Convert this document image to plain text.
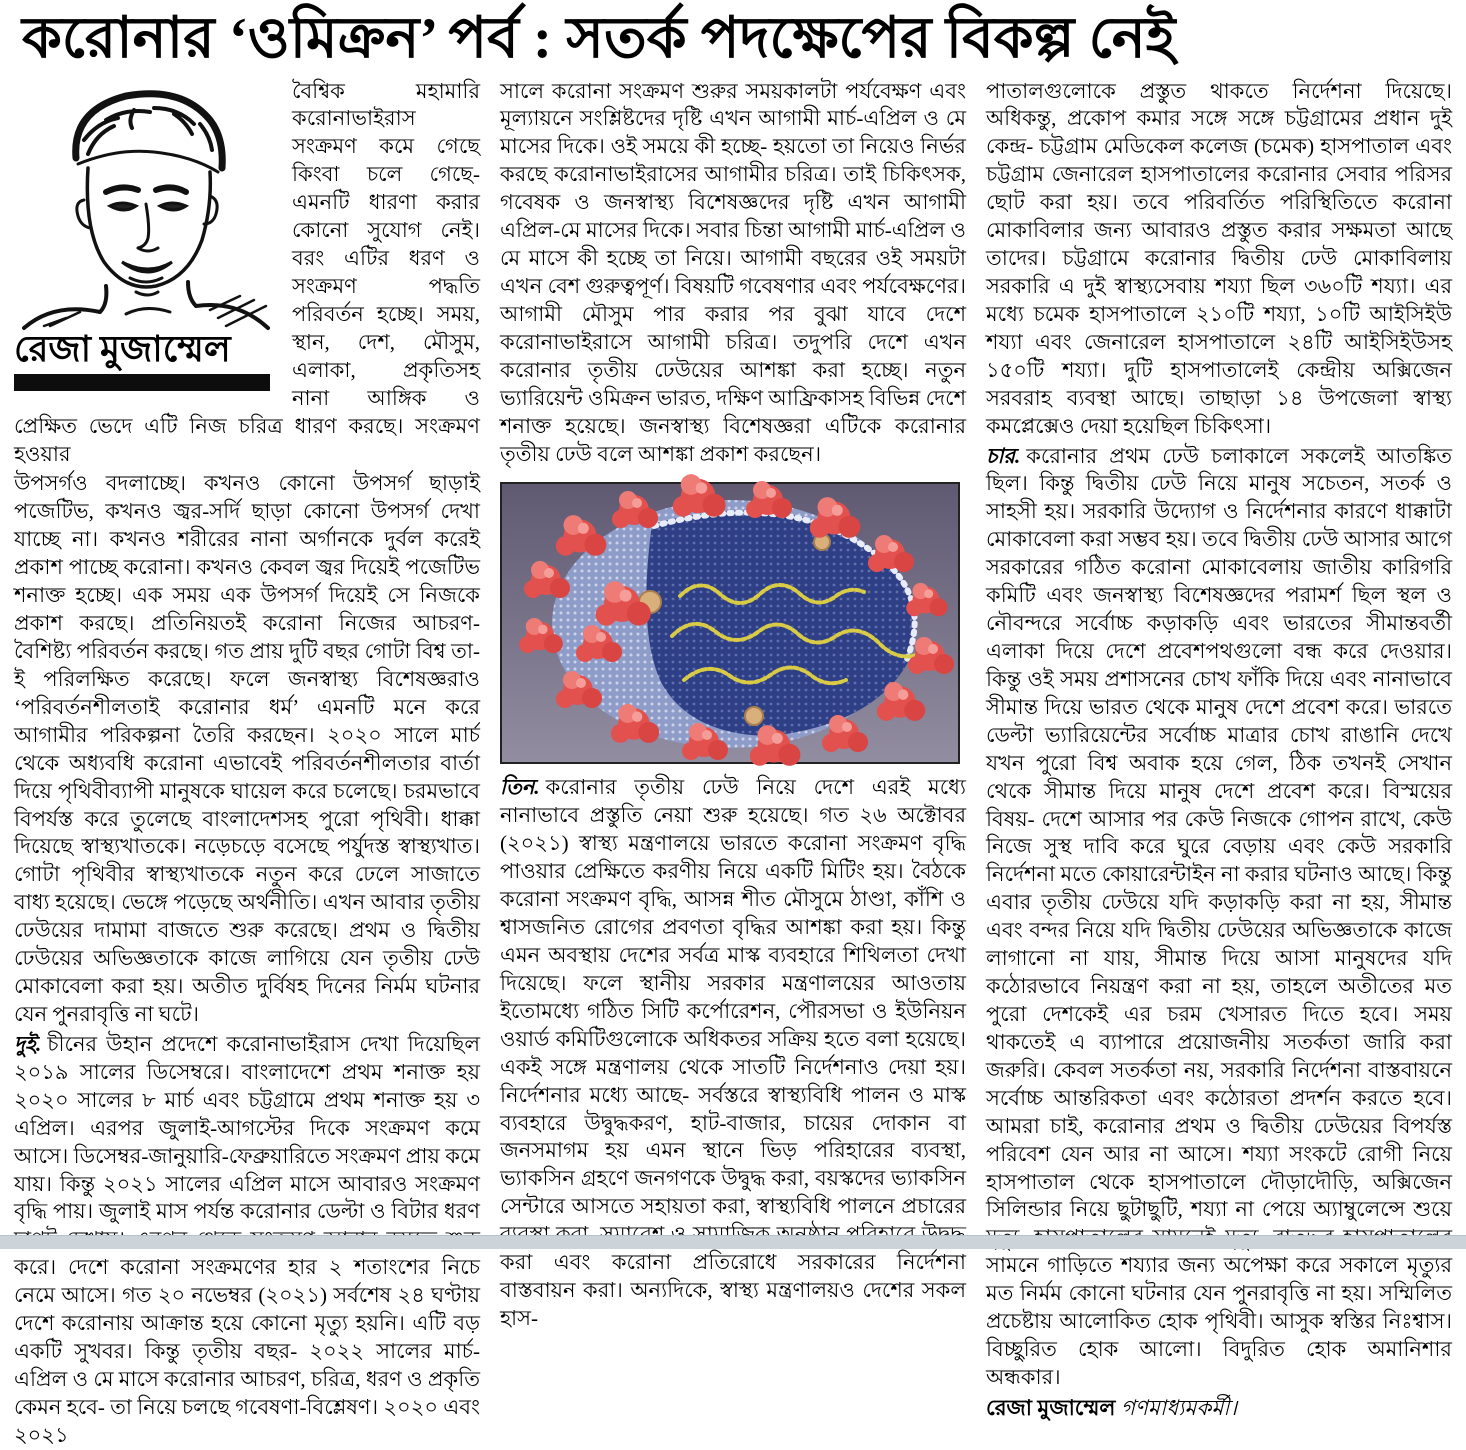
করোনার ‘ওমিক্রন’ পর্ব : সতর্ক পদক্ষেপের বিকল্প নেই
রেজা মুজাম্মেল

বৈশ্বিক মহামারি করোনাভাইরাস সংক্রমণ কমে গেছে কিংবা চলে গেছে- এমনটি ধারণা করার কোনো সুযোগ নেই। বরং এটির ধরণ ও সংক্রমণ পদ্ধতি পরিবর্তন হচ্ছে। সময়, স্থান, দেশ, মৌসুম, এলাকা, প্রকৃতিসহ নানা আঙ্গিক ও প্রেক্ষিত ভেদে এটি নিজ চরিত্র ধারণ করছে। সংক্রমণ হওয়ার

উপসর্গও বদলাচ্ছে। কখনও কোনো উপসর্গ ছাড়াই পজেটিভ, কখনও জ্বর-সর্দি ছাড়া কোনো উপসর্গ দেখা যাচ্ছে না। কখনও শরীরের নানা অর্গানকে দুর্বল করেই প্রকাশ পাচ্ছে করোনা। কখনও কেবল জ্বর দিয়েই পজেটিভ শনাক্ত হচ্ছে। এক সময় এক উপসর্গ দিয়েই সে নিজকে প্রকাশ করছে। প্রতিনিয়তই করোনা নিজের আচরণ-বৈশিষ্ট্য পরিবর্তন করছে। গত প্রায় দুটি বছর গোটা বিশ্ব তা-ই পরিলক্ষিত করেছে। ফলে জনস্বাস্থ্য বিশেষজ্ঞরাও ‘পরিবর্তনশীলতাই করোনার ধর্ম’ এমনটি মনে করে আগামীর পরিকল্পনা তৈরি করছেন। ২০২০ সালে মার্চ থেকে অধ্যবধি করোনা এভাবেই পরিবর্তনশীলতার বার্তা দিয়ে পৃথিবীব্যাপী মানুষকে ঘায়েল করে চলেছে। চরমভাবে বিপর্যস্ত করে তুলেছে বাংলাদেশসহ পুরো পৃথিবী। ধাক্কা দিয়েছে স্বাস্থ্যখাতকে। নড়েচড়ে বসেছে পর্যুদস্ত স্বাস্থ্যখাত। গোটা পৃথিবীর স্বাস্থ্যখাতকে নতুন করে ঢেলে সাজাতে বাধ্য হয়েছে। ভেঙ্গে পড়েছে অর্থনীতি। এখন আবার তৃতীয় ঢেউয়ের দামামা বাজতে শুরু করেছে। প্রথম ও দ্বিতীয় ঢেউয়ের অভিজ্ঞতাকে কাজে লাগিয়ে যেন তৃতীয় ঢেউ মোকাবেলা করা হয়। অতীত দুর্বিষহ দিনের নির্মম ঘটনার যেন পুনরাবৃত্তি না ঘটে।

দুই. চীনের উহান প্রদেশে করোনাভাইরাস দেখা দিয়েছিল ২০১৯ সালের ডিসেম্বরে। বাংলাদেশে প্রথম শনাক্ত হয় ২০২০ সালের ৮ মার্চ এবং চট্টগ্রামে প্রথম শনাক্ত হয় ৩ এপ্রিল। এরপর জুলাই-আগস্টের দিকে সংক্রমণ কমে আসে। ডিসেম্বর-জানুয়ারি-ফেব্রুয়ারিতে সংক্রমণ প্রায় কমে যায়। কিন্তু ২০২১ সালের এপ্রিল মাসে আবারও সংক্রমণ বৃদ্ধি পায়। জুলাই মাস পর্যন্ত করোনার ডেল্টা ও বিটার ধরণ করে। দেশে করোনা সংক্রমণের হার ২ শতাংশের নিচে নেমে আসে। গত ২০ নভেম্বর (২০২১) সর্বশেষ ২৪ ঘণ্টায় দেশে করোনায় আক্রান্ত হয়ে কোনো মৃত্যু হয়নি। এটি বড় একটি সুখবর। কিন্তু তৃতীয় বছর- ২০২২ সালের মার্চ-এপ্রিল ও মে মাসে করোনার আচরণ, চরিত্র, ধরণ ও প্রকৃতি কেমন হবে- তা নিয়ে চলছে গবেষণা-বিশ্লেষণ। ২০২০ এবং ২০২১

সালে করোনা সংক্রমণ শুরুর সময়কালটা পর্যবেক্ষণ এবং মূল্যায়নে সংশ্লিষ্টদের দৃষ্টি এখন আগামী মার্চ-এপ্রিল ও মে মাসের দিকে। ওই সময়ে কী হচ্ছে- হয়তো তা নিয়েও নির্ভর করছে করোনাভাইরাসের আগামীর চরিত্র। তাই চিকিৎসক, গবেষক ও জনস্বাস্থ্য বিশেষজ্ঞদের দৃষ্টি এখন আগামী এপ্রিল-মে মাসের দিকে। সবার চিন্তা আগামী মার্চ-এপ্রিল ও মে মাসে কী হচ্ছে তা নিয়ে। আগামী বছরের ওই সময়টা এখন বেশ গুরুত্বপূর্ণ। বিষয়টি গবেষণার এবং পর্যবেক্ষণের। আগামী মৌসুম পার করার পর বুঝা যাবে দেশে করোনাভাইরাসে আগামী চরিত্র। তদুপরি দেশে এখন করোনার তৃতীয় ঢেউয়ের আশঙ্কা করা হচ্ছে। নতুন ভ্যারিয়েন্ট ওমিক্রন ভারত, দক্ষিণ আফ্রিকাসহ বিভিন্ন দেশে শনাক্ত হয়েছে। জনস্বাস্থ্য বিশেষজ্ঞরা এটিকে করোনার তৃতীয় ঢেউ বলে আশঙ্কা প্রকাশ করছেন।

তিন. করোনার তৃতীয় ঢেউ নিয়ে দেশে এরই মধ্যে নানাভাবে প্রস্তুতি নেয়া শুরু হয়েছে। গত ২৬ অক্টোবর (২০২১) স্বাস্থ্য মন্ত্রণালয়ে ভারতে করোনা সংক্রমণ বৃদ্ধি পাওয়ার প্রেক্ষিতে করণীয় নিয়ে একটি মিটিং হয়। বৈঠকে করোনা সংক্রমণ বৃদ্ধি, আসন্ন শীত মৌসুমে ঠাণ্ডা, কাঁশি ও শ্বাসজনিত রোগের প্রবণতা বৃদ্ধির আশঙ্কা করা হয়। কিন্তু এমন অবস্থায় দেশের সর্বত্র মাস্ক ব্যবহারে শিথিলতা দেখা দিয়েছে। ফলে স্থানীয় সরকার মন্ত্রণালয়ের আওতায় ইতোমধ্যে গঠিত সিটি কর্পোরেশন, পৌরসভা ও ইউনিয়ন ওয়ার্ড কমিটিগুলোকে অধিকতর সক্রিয় হতে বলা হয়েছে। একই সঙ্গে মন্ত্রণালয় থেকে সাতটি নির্দেশনাও দেয়া হয়। নির্দেশনার মধ্যে আছে- সর্বস্তরে স্বাস্থ্যবিধি পালন ও মাস্ক ব্যবহারে উদ্বুদ্ধকরণ, হাট-বাজার, চায়ের দোকান বা জনসমাগম হয় এমন স্থানে ভিড় পরিহারের ব্যবস্থা, ভ্যাকসিন গ্রহণে জনগণকে উদ্বুদ্ধ করা, বয়স্কদের ভ্যাকসিন সেন্টারে আসতে সহায়তা করা, স্বাস্থ্যবিধি পালনে প্রচারের করা এবং করোনা প্রতিরোধে সরকারের নির্দেশনা বাস্তবায়ন করা। অন্যদিকে, স্বাস্থ্য মন্ত্রণালয়ও দেশের সকল হাস-

পাতালগুলোকে প্রস্তুত থাকতে নির্দেশনা দিয়েছে। অধিকন্তু, প্রকোপ কমার সঙ্গে সঙ্গে চট্টগ্রামের প্রধান দুই কেন্দ্র- চট্টগ্রাম মেডিকেল কলেজ (চমেক) হাসপাতাল এবং চট্টগ্রাম জেনারেল হাসপাতালের করোনার সেবার পরিসর ছোট করা হয়। তবে পরিবর্তিত পরিস্থিতিতে করোনা মোকাবিলার জন্য আবারও প্রস্তুত করার সক্ষমতা আছে তাদের। চট্টগ্রামে করোনার দ্বিতীয় ঢেউ মোকাবিলায় সরকারি এ দুই স্বাস্থ্যসেবায় শয্যা ছিল ৩৬০টি শয্যা। এর মধ্যে চমেক হাসপাতালে ২১০টি শয্যা, ১০টি আইসিইউ শয্যা এবং জেনারেল হাসপাতালে ২৪টি আইসিইউসহ ১৫০টি শয্যা। দুটি হাসপাতালেই কেন্দ্রীয় অক্সিজেন সরবরাহ ব্যবস্থা আছে। তাছাড়া ১৪ উপজেলা স্বাস্থ্য কমপ্লেক্সেও দেয়া হয়েছিল চিকিৎসা।

চার. করোনার প্রথম ঢেউ চলাকালে সকলেই আতঙ্কিত ছিল। কিন্তু দ্বিতীয় ঢেউ নিয়ে মানুষ সচেতন, সতর্ক ও সাহসী হয়। সরকারি উদ্যোগ ও নির্দেশনার কারণে ধাক্কাটা মোকাবেলা করা সম্ভব হয়। তবে দ্বিতীয় ঢেউ আসার আগে সরকারের গঠিত করোনা মোকাবেলায় জাতীয় কারিগরি কমিটি এবং জনস্বাস্থ্য বিশেষজ্ঞদের পরামর্শ ছিল স্থল ও নৌবন্দরে সর্বোচ্চ কড়াকড়ি এবং ভারতের সীমান্তবর্তী এলাকা দিয়ে দেশে প্রবেশপথগুলো বন্ধ করে দেওয়ার। কিন্তু ওই সময় প্রশাসনের চোখ ফাঁকি দিয়ে এবং নানাভাবে সীমান্ত দিয়ে ভারত থেকে মানুষ দেশে প্রবেশ করে। ভারতে ডেল্টা ভ্যারিয়েন্টের সর্বোচ্চ মাত্রার চোখ রাঙানি দেখে যখন পুরো বিশ্ব অবাক হয়ে গেল, ঠিক তখনই সেখান থেকে সীমান্ত দিয়ে মানুষ দেশে প্রবেশ করে। বিস্ময়ের বিষয়- দেশে আসার পর কেউ নিজকে গোপন রাখে, কেউ নিজে সুস্থ দাবি করে ঘুরে বেড়ায় এবং কেউ সরকারি নির্দেশনা মতে কোয়ারেন্টাইন না করার ঘটনাও আছে। কিন্তু এবার তৃতীয় ঢেউয়ে যদি কড়াকড়ি করা না হয়, সীমান্ত এবং বন্দর নিয়ে যদি দ্বিতীয় ঢেউয়ের অভিজ্ঞতাকে কাজে লাগানো না যায়, সীমান্ত দিয়ে আসা মানুষদের যদি কঠোরভাবে নিয়ন্ত্রণ করা না হয়, তাহলে অতীতের মত পুরো দেশকেই এর চরম খেসারত দিতে হবে। সময় থাকতেই এ ব্যাপারে প্রয়োজনীয় সতর্কতা জারি করা জরুরি। কেবল সতর্কতা নয়, সরকারি নির্দেশনা বাস্তবায়নে সর্বোচ্চ আন্তরিকতা এবং কঠোরতা প্রদর্শন করতে হবে। আমরা চাই, করোনার প্রথম ও দ্বিতীয় ঢেউয়ের বিপর্যস্ত পরিবেশ যেন আর না আসে। শয্যা সংকটে রোগী নিয়ে হাসপাতাল থেকে হাসপাতালে দৌড়াদৌড়ি, অক্সিজেন সিলিন্ডার নিয়ে ছুটাছুটি, শয্যা না পেয়ে অ্যাম্বুলেন্সে শুয়ে সামনে গাড়িতে শয্যার জন্য অপেক্ষা করে সকালে মৃত্যুর মত নির্মম কোনো ঘটনার যেন পুনরাবৃত্তি না হয়। সম্মিলিত প্রচেষ্টায় আলোকিত হোক পৃথিবী। আসুক স্বস্তির নিঃশ্বাস। বিচ্ছুরিত হোক আলো। বিদুরিত হোক অমানিশার অন্ধকার।

রেজা মুজাম্মেল গণমাধ্যমকর্মী।
